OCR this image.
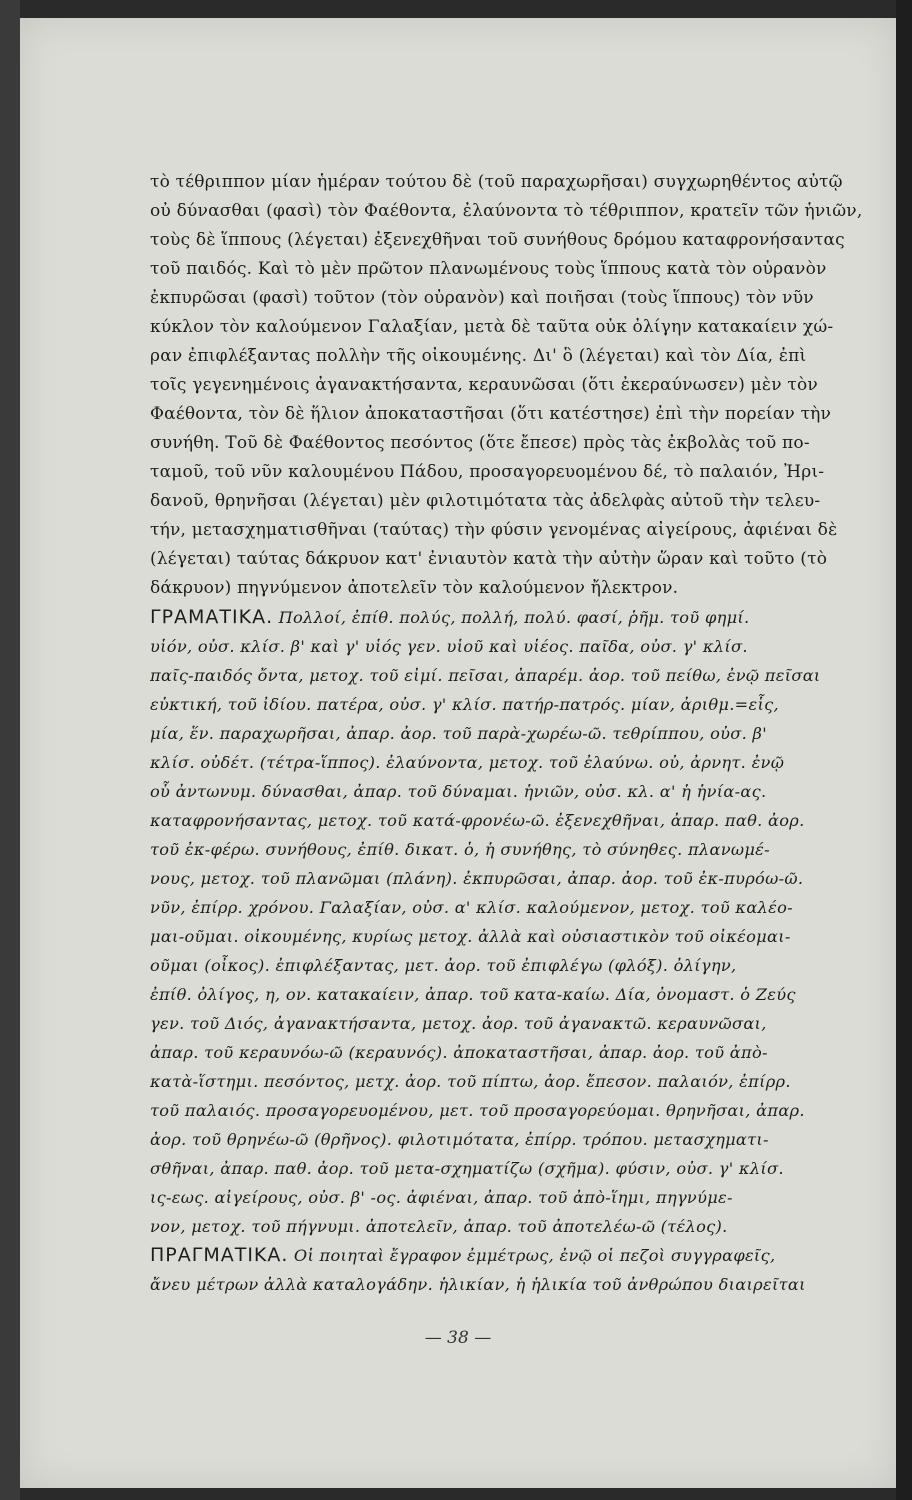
τὸ τέθριππον μίαν ἡμέραν τούτου δὲ (τοῦ παραχωρῆσαι) συγχωρηθέντος αὐτῷ
οὐ δύνασθαι (φασὶ) τὸν Φαέθοντα, ἐλαύνοντα τὸ τέθριππον, κρατεῖν τῶν ἡνιῶν,
τοὺς δὲ ἵππους (λέγεται) ἐξενεχθῆναι τοῦ συνήθους δρόμου καταφρονήσαντας
τοῦ παιδός. Καὶ τὸ μὲν πρῶτον πλανωμένους τοὺς ἵππους κατὰ τὸν οὐρανὸν
ἐκπυρῶσαι (φασὶ) τοῦτον (τὸν οὐρανὸν) καὶ ποιῆσαι (τοὺς ἵππους) τὸν νῦν
κύκλον τὸν καλούμενον Γαλαξίαν, μετὰ δὲ ταῦτα οὐκ ὀλίγην κατακαίειν χώ-
ραν ἐπιφλέξαντας πολλὴν τῆς οἰκουμένης. Δι' ὃ (λέγεται) καὶ τὸν Δία, ἐπὶ
τοῖς γεγενημένοις ἀγανακτήσαντα, κεραυνῶσαι (ὅτι ἐκεραύνωσεν) μὲν τὸν
Φαέθοντα, τὸν δὲ ἥλιον ἀποκαταστῆσαι (ὅτι κατέστησε) ἐπὶ τὴν πορείαν τὴν
συνήθη. Τοῦ δὲ Φαέθοντος πεσόντος (ὅτε ἔπεσε) πρὸς τὰς ἐκβολὰς τοῦ πο-
ταμοῦ, τοῦ νῦν καλουμένου Πάδου, προσαγορευομένου δέ, τὸ παλαιόν, Ἠρι-
δανοῦ, θρηνῆσαι (λέγεται) μὲν φιλοτιμότατα τὰς ἀδελφὰς αὐτοῦ τὴν τελευ-
τήν, μετασχηματισθῆναι (ταύτας) τὴν φύσιν γενομένας αἰγείρους, ἀφιέναι δὲ
(λέγεται) ταύτας δάκρυον κατ' ἐνιαυτὸν κατὰ τὴν αὐτὴν ὥραν καὶ τοῦτο (τὸ
δάκρυον) πηγνύμενον ἀποτελεῖν τὸν καλούμενον ἤλεκτρον.
ΓΡΑΜΑΤΙΚΑ. Πολλοί, ἐπίθ. πολύς, πολλή, πολύ. φασί, ῥῆμ. τοῦ φημί.
υἱόν, οὐσ. κλίσ. β' καὶ γ' υἱός γεν. υἱοῦ καὶ υἱέος. παῖδα, οὐσ. γ' κλίσ.
παῖς-παιδός ὄντα, μετοχ. τοῦ εἰμί. πεῖσαι, ἀπαρέμ. ἀορ. τοῦ πείθω, ἐνῷ πεῖσαι
εὐκτική, τοῦ ἰδίου. πατέρα, οὐσ. γ' κλίσ. πατήρ-πατρός. μίαν, ἀριθμ.=εἷς,
μία, ἕν. παραχωρῆσαι, ἀπαρ. ἀορ. τοῦ παρὰ-χωρέω-ῶ. τεθρίππου, οὐσ. β'
κλίσ. οὐδέτ. (τέτρα-ἵππος). ἐλαύνοντα, μετοχ. τοῦ ἐλαύνω. οὐ, ἀρνητ. ἐνῷ
οὗ ἀντωνυμ. δύνασθαι, ἀπαρ. τοῦ δύναμαι. ἡνιῶν, οὐσ. κλ. α' ἡ ἡνία-ας.
καταφρονήσαντας, μετοχ. τοῦ κατά-φρονέω-ῶ. ἐξενεχθῆναι, ἀπαρ. παθ. ἀορ.
τοῦ ἐκ-φέρω. συνήθους, ἐπίθ. δικατ. ὁ, ἡ συνήθης, τὸ σύνηθες. πλανωμέ-
νους, μετοχ. τοῦ πλανῶμαι (πλάνη). ἐκπυρῶσαι, ἀπαρ. ἀορ. τοῦ ἐκ-πυρόω-ῶ.
νῦν, ἐπίρρ. χρόνου. Γαλαξίαν, οὐσ. α' κλίσ. καλούμενον, μετοχ. τοῦ καλέο-
μαι-οῦμαι. οἰκουμένης, κυρίως μετοχ. ἀλλὰ καὶ οὐσιαστικὸν τοῦ οἰκέομαι-
οῦμαι (οἶκος). ἐπιφλέξαντας, μετ. ἀορ. τοῦ ἐπιφλέγω (φλόξ). ὀλίγην,
ἐπίθ. ὀλίγος, η, ον. κατακαίειν, ἀπαρ. τοῦ κατα-καίω. Δία, ὀνομαστ. ὁ Ζεύς
γεν. τοῦ Διός, ἀγανακτήσαντα, μετοχ. ἀορ. τοῦ ἀγανακτῶ. κεραυνῶσαι,
ἀπαρ. τοῦ κεραυνόω-ῶ (κεραυνός). ἀποκαταστῆσαι, ἀπαρ. ἀορ. τοῦ ἀπὸ-
κατὰ-ἵστημι. πεσόντος, μετχ. ἀορ. τοῦ πίπτω, ἀορ. ἔπεσον. παλαιόν, ἐπίρρ.
τοῦ παλαιός. προσαγορευομένου, μετ. τοῦ προσαγορεύομαι. θρηνῆσαι, ἀπαρ.
ἀορ. τοῦ θρηνέω-ῶ (θρῆνος). φιλοτιμότατα, ἐπίρρ. τρόπου. μετασχηματι-
σθῆναι, ἀπαρ. παθ. ἀορ. τοῦ μετα-σχηματίζω (σχῆμα). φύσιν, οὐσ. γ' κλίσ.
ις-εως. αἰγείρους, οὐσ. β' -ος. ἀφιέναι, ἀπαρ. τοῦ ἀπὸ-ἵημι, πηγνύμε-
νον, μετοχ. τοῦ πήγνυμι. ἀποτελεῖν, ἀπαρ. τοῦ ἀποτελέω-ῶ (τέλος).
ΠΡΑΓΜΑΤΙΚΑ. Οἱ ποιηταὶ ἔγραφον ἐμμέτρως, ἐνῷ οἱ πεζοὶ συγγραφεῖς,
ἄνευ μέτρων ἀλλὰ καταλογάδην. ἡλικίαν, ἡ ἡλικία τοῦ ἀνθρώπου διαιρεῖται
— 38 —
